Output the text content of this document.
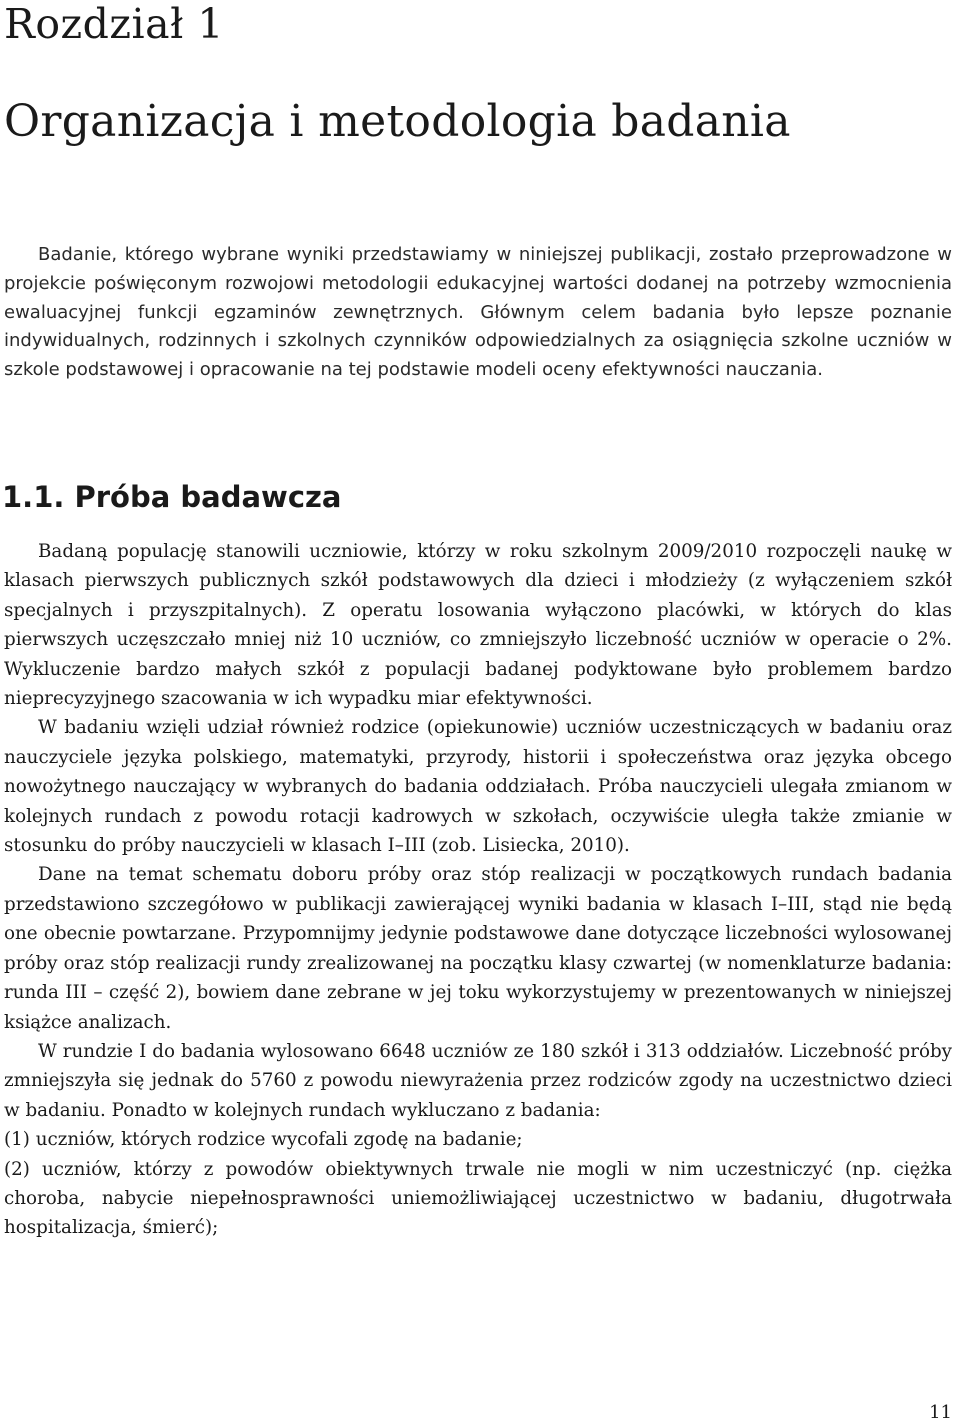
Rozdział 1
Organizacja i metodologia badania

Badanie, którego wybrane wyniki przedstawiamy w niniejszej publikacji, zostało przeprowadzone w projekcie poświęconym rozwojowi metodologii edukacyjnej wartości dodanej na potrzeby wzmocnienia ewaluacyjnej funkcji egzaminów zewnętrznych. Głównym celem badania było lepsze poznanie indywidualnych, rodzinnych i szkolnych czynników odpowiedzialnych za osiągnięcia szkolne uczniów w szkole podstawowej i opracowanie na tej podstawie modeli oceny efektywności nauczania.

1.1. Próba badawcza

Badaną populację stanowili uczniowie, którzy w roku szkolnym 2009/2010 rozpoczęli naukę w klasach pierwszych publicznych szkół podstawowych dla dzieci i młodzieży (z wyłączeniem szkół specjalnych i przyszpitalnych). Z operatu losowania wyłączono placówki, w których do klas pierwszych uczęszczało mniej niż 10 uczniów, co zmniejszyło liczebność uczniów w operacie o 2%. Wykluczenie bardzo małych szkół z populacji badanej podyktowane było problemem bardzo nieprecyzyjnego szacowania w ich wypadku miar efektywności.

W badaniu wzięli udział również rodzice (opiekunowie) uczniów uczestniczących w badaniu oraz nauczyciele języka polskiego, matematyki, przyrody, historii i społeczeństwa oraz języka obcego nowożytnego nauczający w wybranych do badania oddziałach. Próba nauczycieli ulegała zmianom w kolejnych rundach z powodu rotacji kadrowych w szkołach, oczywiście uległa także zmianie w stosunku do próby nauczycieli w klasach I–III (zob. Lisiecka, 2010).

Dane na temat schematu doboru próby oraz stóp realizacji w początkowych rundach badania przedstawiono szczegółowo w publikacji zawierającej wyniki badania w klasach I–III, stąd nie będą one obecnie powtarzane. Przypomnijmy jedynie podstawowe dane dotyczące liczebności wylosowanej próby oraz stóp realizacji rundy zrealizowanej na początku klasy czwartej (w nomenklaturze badania: runda III – część 2), bowiem dane zebrane w jej toku wykorzystujemy w prezentowanych w niniejszej książce analizach.

W rundzie I do badania wylosowano 6648 uczniów ze 180 szkół i 313 oddziałów. Liczebność próby zmniejszyła się jednak do 5760 z powodu niewyrażenia przez rodziców zgody na uczestnictwo dzieci w badaniu. Ponadto w kolejnych rundach wykluczano z badania:

(1) uczniów, których rodzice wycofali zgodę na badanie;

(2) uczniów, którzy z powodów obiektywnych trwale nie mogli w nim uczestniczyć (np. ciężka choroba, nabycie niepełnosprawności uniemożliwiającej uczestnictwo w badaniu, długotrwała hospitalizacja, śmierć);

11
